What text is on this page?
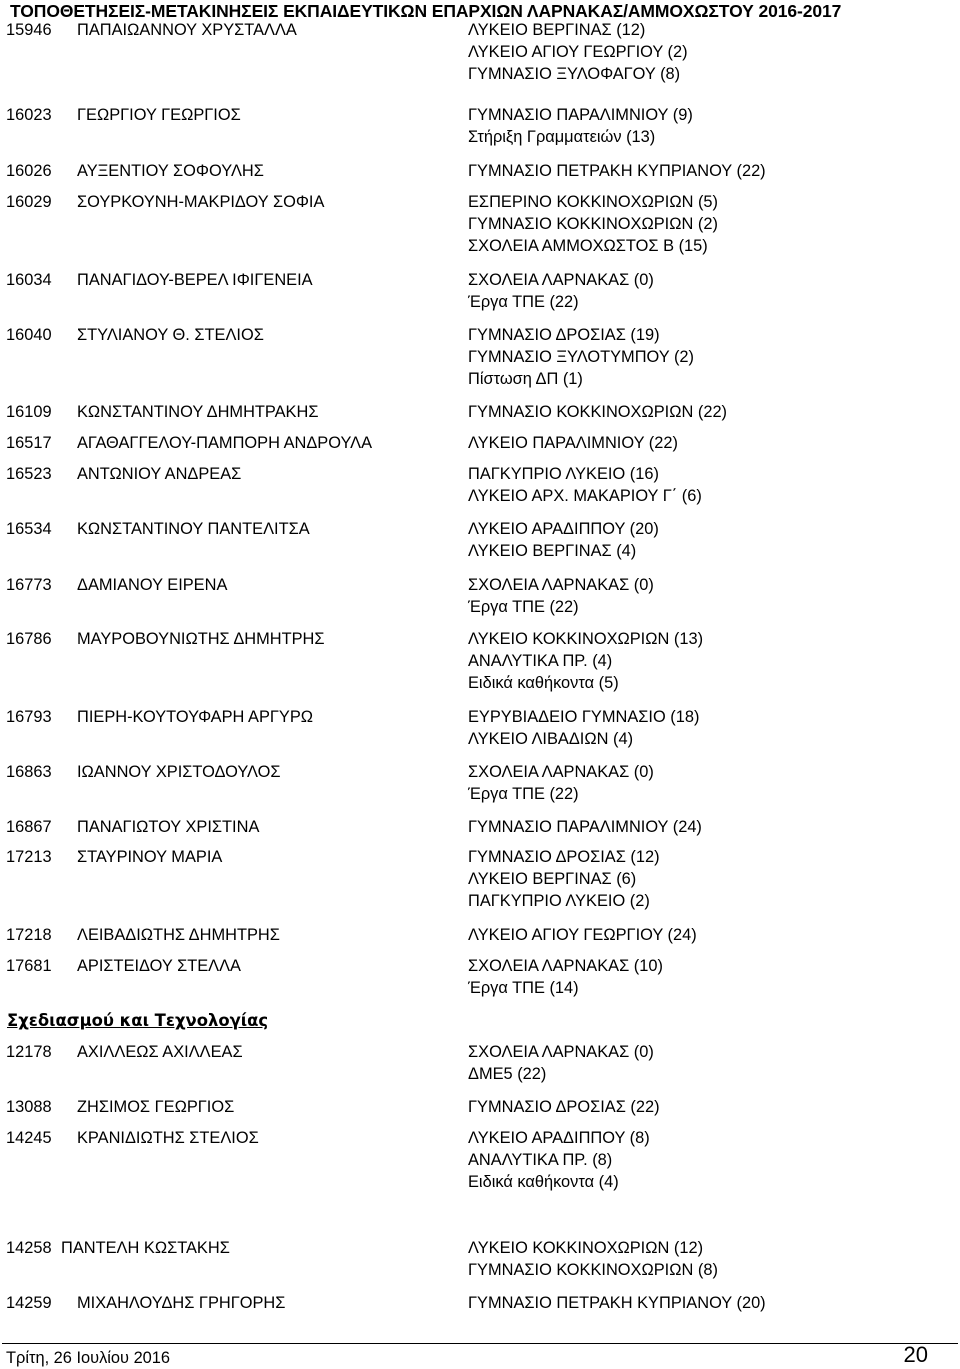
ΤΟΠΟΘΕΤΗΣΕΙΣ-ΜΕΤΑΚΙΝΗΣΕΙΣ ΕΚΠΑΙΔΕΥΤΙΚΩΝ ΕΠΑΡΧΙΩΝ ΛΑΡΝΑΚΑΣ/ΑΜΜΟΧΩΣΤΟΥ 2016-2017
15946 ΠΑΠΑΙΩΑΝΝΟΥ ΧΡΥΣΤΑΛΛΑ	ΛΥΚΕΙΟ ΒΕΡΓΙΝΑΣ (12)
ΛΥΚΕΙΟ ΑΓΙΟΥ ΓΕΩΡΓΙΟΥ (2)
ΓΥΜΝΑΣΙΟ ΞΥΛΟΦΑΓΟΥ (8)
16023 ΓΕΩΡΓΙΟΥ ΓΕΩΡΓΙΟΣ	ΓΥΜΝΑΣΙΟ ΠΑΡΑΛΙΜΝΙΟΥ (9)
Στήριξη Γραμματειών (13)
16026 ΑΥΞΕΝΤΙΟΥ ΣΟΦΟΥΛΗΣ	ΓΥΜΝΑΣΙΟ ΠΕΤΡΑΚΗ ΚΥΠΡΙΑΝΟΥ (22)
16029 ΣΟΥΡΚΟΥΝΗ-ΜΑΚΡΙΔΟΥ ΣΟΦΙΑ	ΕΣΠΕΡΙΝΟ ΚΟΚΚΙΝΟΧΩΡΙΩΝ (5)
ΓΥΜΝΑΣΙΟ ΚΟΚΚΙΝΟΧΩΡΙΩΝ (2)
ΣΧΟΛΕΙΑ ΑΜΜΟΧΩΣΤΟΣ Β (15)
16034 ΠΑΝΑΓΙΔΟΥ-ΒΕΡΕΛ ΙΦΙΓΕΝΕΙΑ	ΣΧΟΛΕΙΑ ΛΑΡΝΑΚΑΣ (0)
Έργα ΤΠΕ (22)
16040 ΣΤΥΛΙΑΝΟΥ Θ. ΣΤΕΛΙΟΣ	ΓΥΜΝΑΣΙΟ ΔΡΟΣΙΑΣ (19)
ΓΥΜΝΑΣΙΟ ΞΥΛΟΤΥΜΠΟΥ (2)
Πίστωση ΔΠ (1)
16109 ΚΩΝΣΤΑΝΤΙΝΟΥ ΔΗΜΗΤΡΑΚΗΣ	ΓΥΜΝΑΣΙΟ ΚΟΚΚΙΝΟΧΩΡΙΩΝ (22)
16517 ΑΓΑΘΑΓΓΕΛΟΥ-ΠΑΜΠΟΡΗ ΑΝΔΡΟΥΛΑ	ΛΥΚΕΙΟ ΠΑΡΑΛΙΜΝΙΟΥ (22)
16523 ΑΝΤΩΝΙΟΥ ΑΝΔΡΕΑΣ	ΠΑΓΚΥΠΡΙΟ ΛΥΚΕΙΟ (16)
ΛΥΚΕΙΟ ΑΡΧ. ΜΑΚΑΡΙΟΥ Γ΄ (6)
16534 ΚΩΝΣΤΑΝΤΙΝΟΥ ΠΑΝΤΕΛΙΤΣΑ	ΛΥΚΕΙΟ ΑΡΑΔΙΠΠΟΥ (20)
ΛΥΚΕΙΟ ΒΕΡΓΙΝΑΣ (4)
16773 ΔΑΜΙΑΝΟΥ ΕΙΡΕΝΑ	ΣΧΟΛΕΙΑ ΛΑΡΝΑΚΑΣ (0)
Έργα ΤΠΕ (22)
16786 ΜΑΥΡΟΒΟΥΝΙΩΤΗΣ ΔΗΜΗΤΡΗΣ	ΛΥΚΕΙΟ ΚΟΚΚΙΝΟΧΩΡΙΩΝ (13)
ΑΝΑΛΥΤΙΚΑ ΠΡ. (4)
Ειδικά καθήκοντα (5)
16793 ΠΙΕΡΗ-ΚΟΥΤΟΥΦΑΡΗ ΑΡΓΥΡΩ	ΕΥΡΥΒΙΑΔΕΙΟ ΓΥΜΝΑΣΙΟ (18)
ΛΥΚΕΙΟ ΛΙΒΑΔΙΩΝ (4)
16863 ΙΩΑΝΝΟΥ ΧΡΙΣΤΟΔΟΥΛΟΣ	ΣΧΟΛΕΙΑ ΛΑΡΝΑΚΑΣ (0)
Έργα ΤΠΕ (22)
16867 ΠΑΝΑΓΙΩΤΟΥ ΧΡΙΣΤΙΝΑ	ΓΥΜΝΑΣΙΟ ΠΑΡΑΛΙΜΝΙΟΥ (24)
17213 ΣΤΑΥΡΙΝΟΥ ΜΑΡΙΑ	ΓΥΜΝΑΣΙΟ ΔΡΟΣΙΑΣ (12)
ΛΥΚΕΙΟ ΒΕΡΓΙΝΑΣ (6)
ΠΑΓΚΥΠΡΙΟ ΛΥΚΕΙΟ (2)
17218 ΛΕΙΒΑΔΙΩΤΗΣ ΔΗΜΗΤΡΗΣ	ΛΥΚΕΙΟ ΑΓΙΟΥ ΓΕΩΡΓΙΟΥ (24)
17681 ΑΡΙΣΤΕΙΔΟΥ ΣΤΕΛΛΑ	ΣΧΟΛΕΙΑ ΛΑΡΝΑΚΑΣ (10)
Έργα ΤΠΕ (14)
Σχεδιασμού και Τεχνολογίας
12178 ΑΧΙΛΛΕΩΣ ΑΧΙΛΛΕΑΣ	ΣΧΟΛΕΙΑ ΛΑΡΝΑΚΑΣ (0)
ΔΜΕ5 (22)
13088 ΖΗΣΙΜΟΣ ΓΕΩΡΓΙΟΣ	ΓΥΜΝΑΣΙΟ ΔΡΟΣΙΑΣ (22)
14245 ΚΡΑΝΙΔΙΩΤΗΣ ΣΤΕΛΙΟΣ	ΛΥΚΕΙΟ ΑΡΑΔΙΠΠΟΥ (8)
ΑΝΑΛΥΤΙΚΑ ΠΡ. (8)
Ειδικά καθήκοντα (4)
14258 ΠΑΝΤΕΛΗ ΚΩΣΤΑΚΗΣ	ΛΥΚΕΙΟ ΚΟΚΚΙΝΟΧΩΡΙΩΝ (12)
ΓΥΜΝΑΣΙΟ ΚΟΚΚΙΝΟΧΩΡΙΩΝ (8)
14259 ΜΙΧΑΗΛΟΥΔΗΣ ΓΡΗΓΟΡΗΣ	ΓΥΜΝΑΣΙΟ ΠΕΤΡΑΚΗ ΚΥΠΡΙΑΝΟΥ (20)
Τρίτη, 26 Ιουλίου 2016	20
